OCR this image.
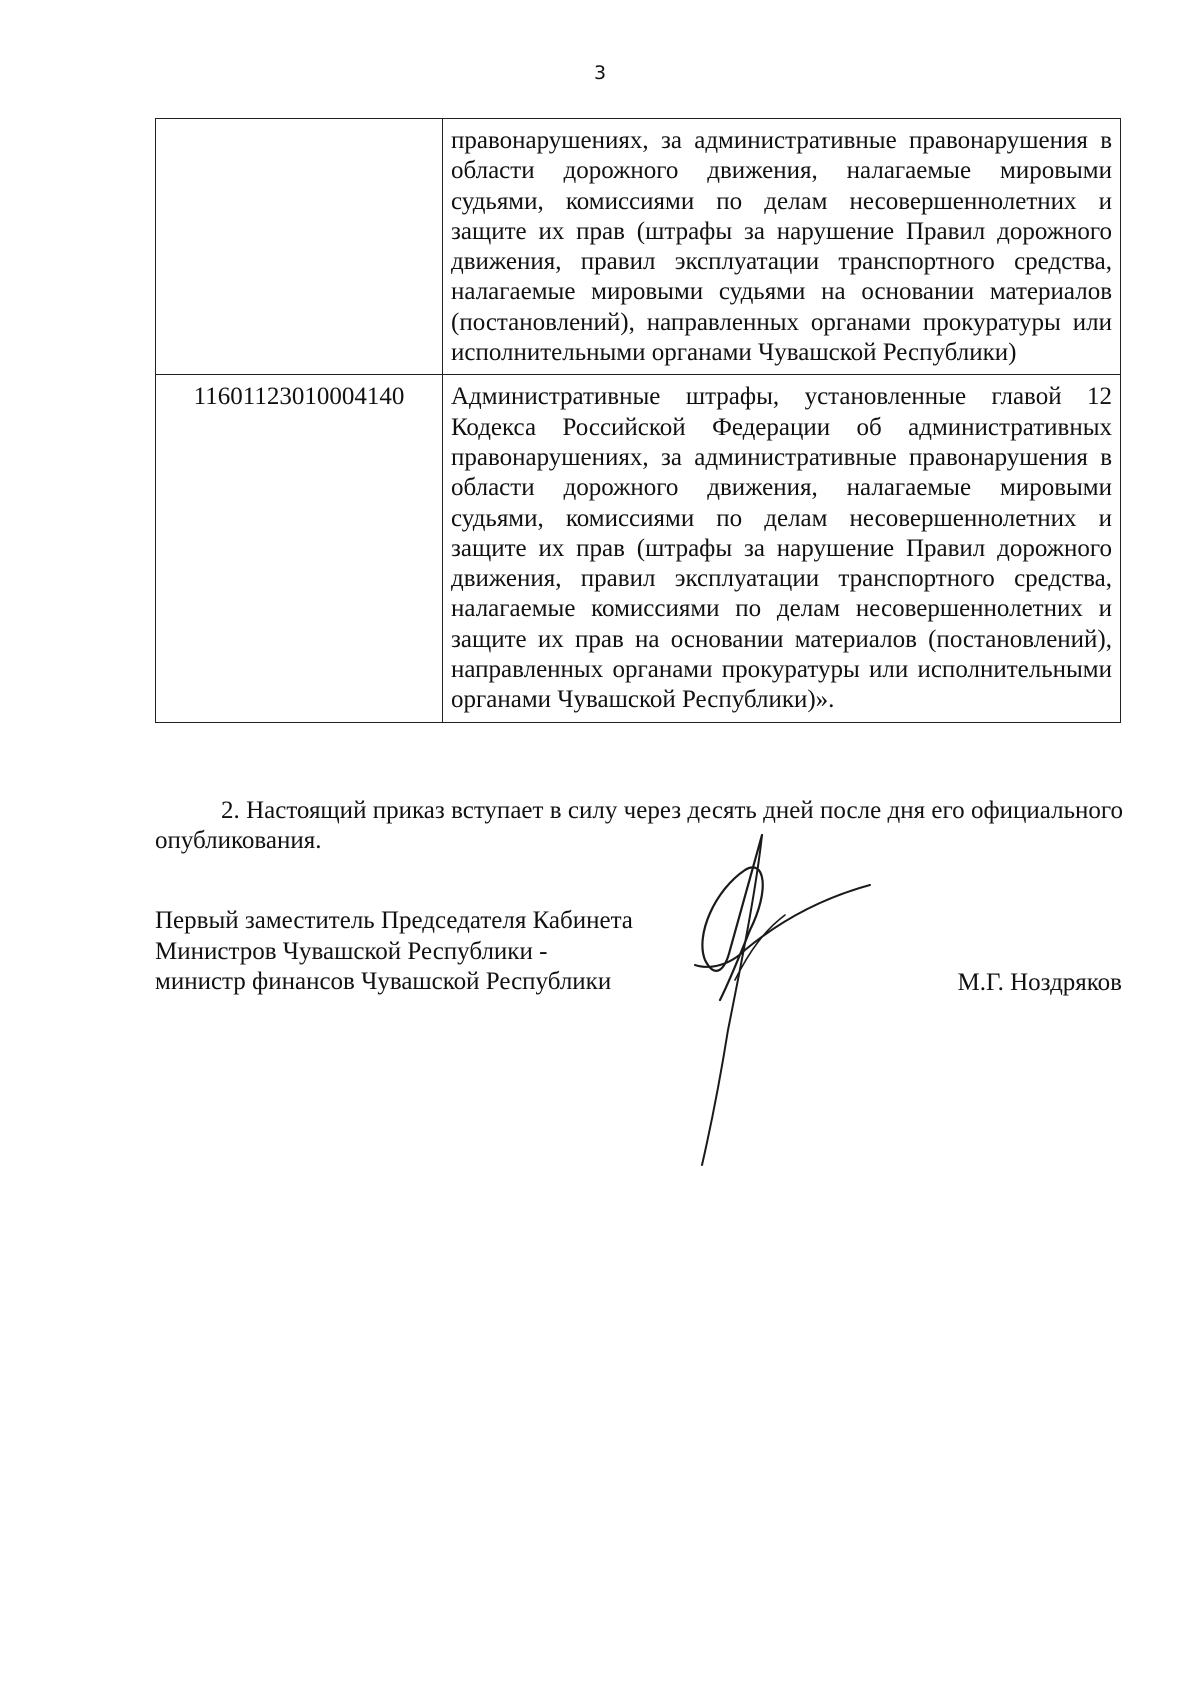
3
	правонарушениях, за административные правонарушения в области дорожного движения, налагаемые мировыми судьями, комиссиями по делам несовершеннолетних и защите их прав (штрафы за нарушение Правил дорожного движения, правил эксплуатации транспортного средства, налагаемые мировыми судьями на основании материалов (постановлений), направленных органами прокуратуры или исполнительными органами Чувашской Республики)
11601123010004140	Административные штрафы, установленные главой 12 Кодекса Российской Федерации об административных правонарушениях, за административные правонарушения в области дорожного движения, налагаемые мировыми судьями, комиссиями по делам несовершеннолетних и защите их прав (штрафы за нарушение Правил дорожного движения, правил эксплуатации транспортного средства, налагаемые комиссиями по делам несовершеннолетних и защите их прав на основании материалов (постановлений), направленных органами прокуратуры или исполнительными органами Чувашской Республики)».

2. Настоящий приказ вступает в силу через десять дней после дня его официального опубликования.

Первый заместитель Председателя Кабинета
Министров Чувашской Республики -
министр финансов Чувашской Республики	М.Г. Ноздряков
